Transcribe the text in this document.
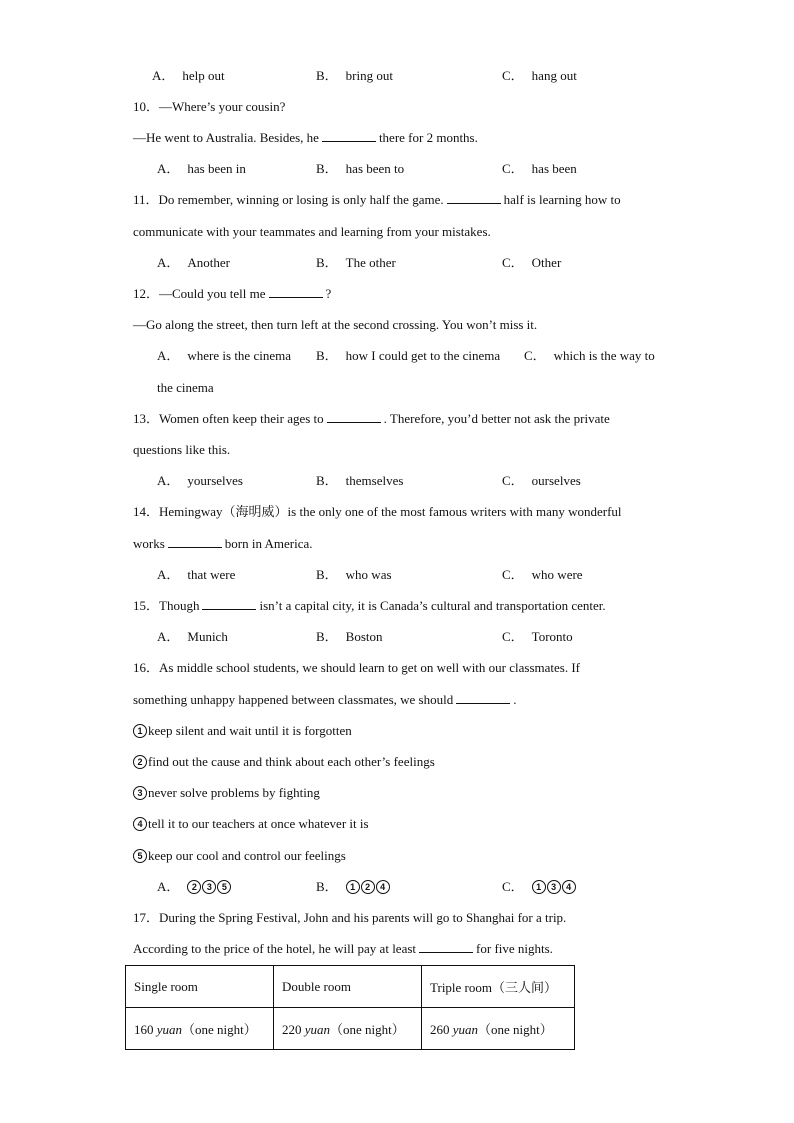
A． help out	B． bring out	C． hang out
10．—Where’s your cousin?
—He went to Australia. Besides, he	there for 2 months.
A． has been in	B． has been to	C． has been
11．Do remember, winning or losing is only half the game.	half is learning how to
communicate with your teammates and learning from your mistakes.
A． Another	B． The other	C． Other
12．—Could you tell me	?
—Go along the street, then turn left at the second crossing. You won’t miss it.
A． where is the cinema B． how I could get to the cinema C． which is the way to
the cinema
13．Women often keep their ages to	. Therefore, you’d better not ask the private
questions like this.
A． yourselves	B． themselves	C． ourselves
14．Hemingway（海明威）is the only one of the most famous writers with many wonderful
works	born in America.
A． that were	B． who was	C． who were
15．Though	isn’t a capital city, it is Canada’s cultural and transportation center.
A． Munich	B． Boston	C． Toronto
16．As middle school students, we should learn to get on well with our classmates. If
something unhappy happened between classmates, we should	.
1 keep silent and wait until it is forgotten
2 find out the cause and think about each other’s feelings
3 never solve problems by fighting
4 tell it to our teachers at once whatever it is
5 keep our cool and control our feelings
A． 2 3 5	B． 1 2 4	C． 1 3 4
17．During the Spring Festival, John and his parents will go to Shanghai for a trip.
According to the price of the hotel, he will pay at least	for five nights.
Single room	Double room	Triple room（三人间）
160 yuan（one night）	220 yuan（one night）	260 yuan（one night）
